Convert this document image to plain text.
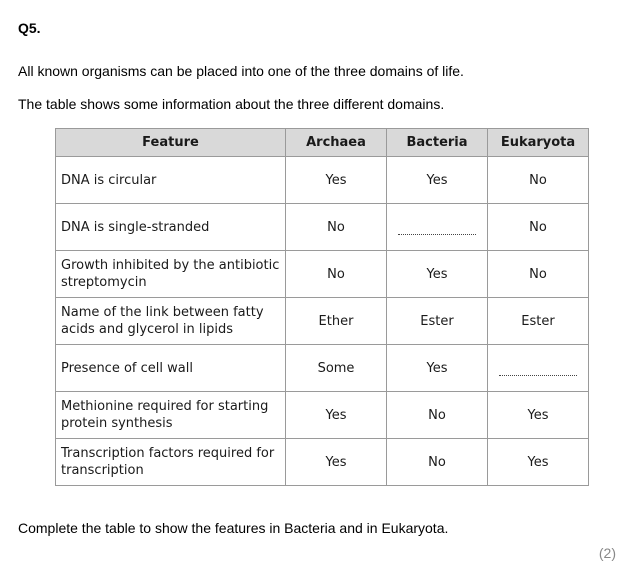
Q5.
All known organisms can be placed into one of the three domains of life.
The table shows some information about the three different domains.
Feature	Archaea	Bacteria	Eukaryota
DNA is circular	Yes	Yes	No
DNA is single-stranded	No		No
Growth inhibited by the antibiotic streptomycin	No	Yes	No
Name of the link between fatty acids and glycerol in lipids	Ether	Ester	Ester
Presence of cell wall	Some	Yes	

Methionine required for starting protein synthesis	Yes	No	Yes
Transcription factors required for transcription	Yes	No	Yes
Complete the table to show the features in Bacteria and in Eukaryota.
(2)
